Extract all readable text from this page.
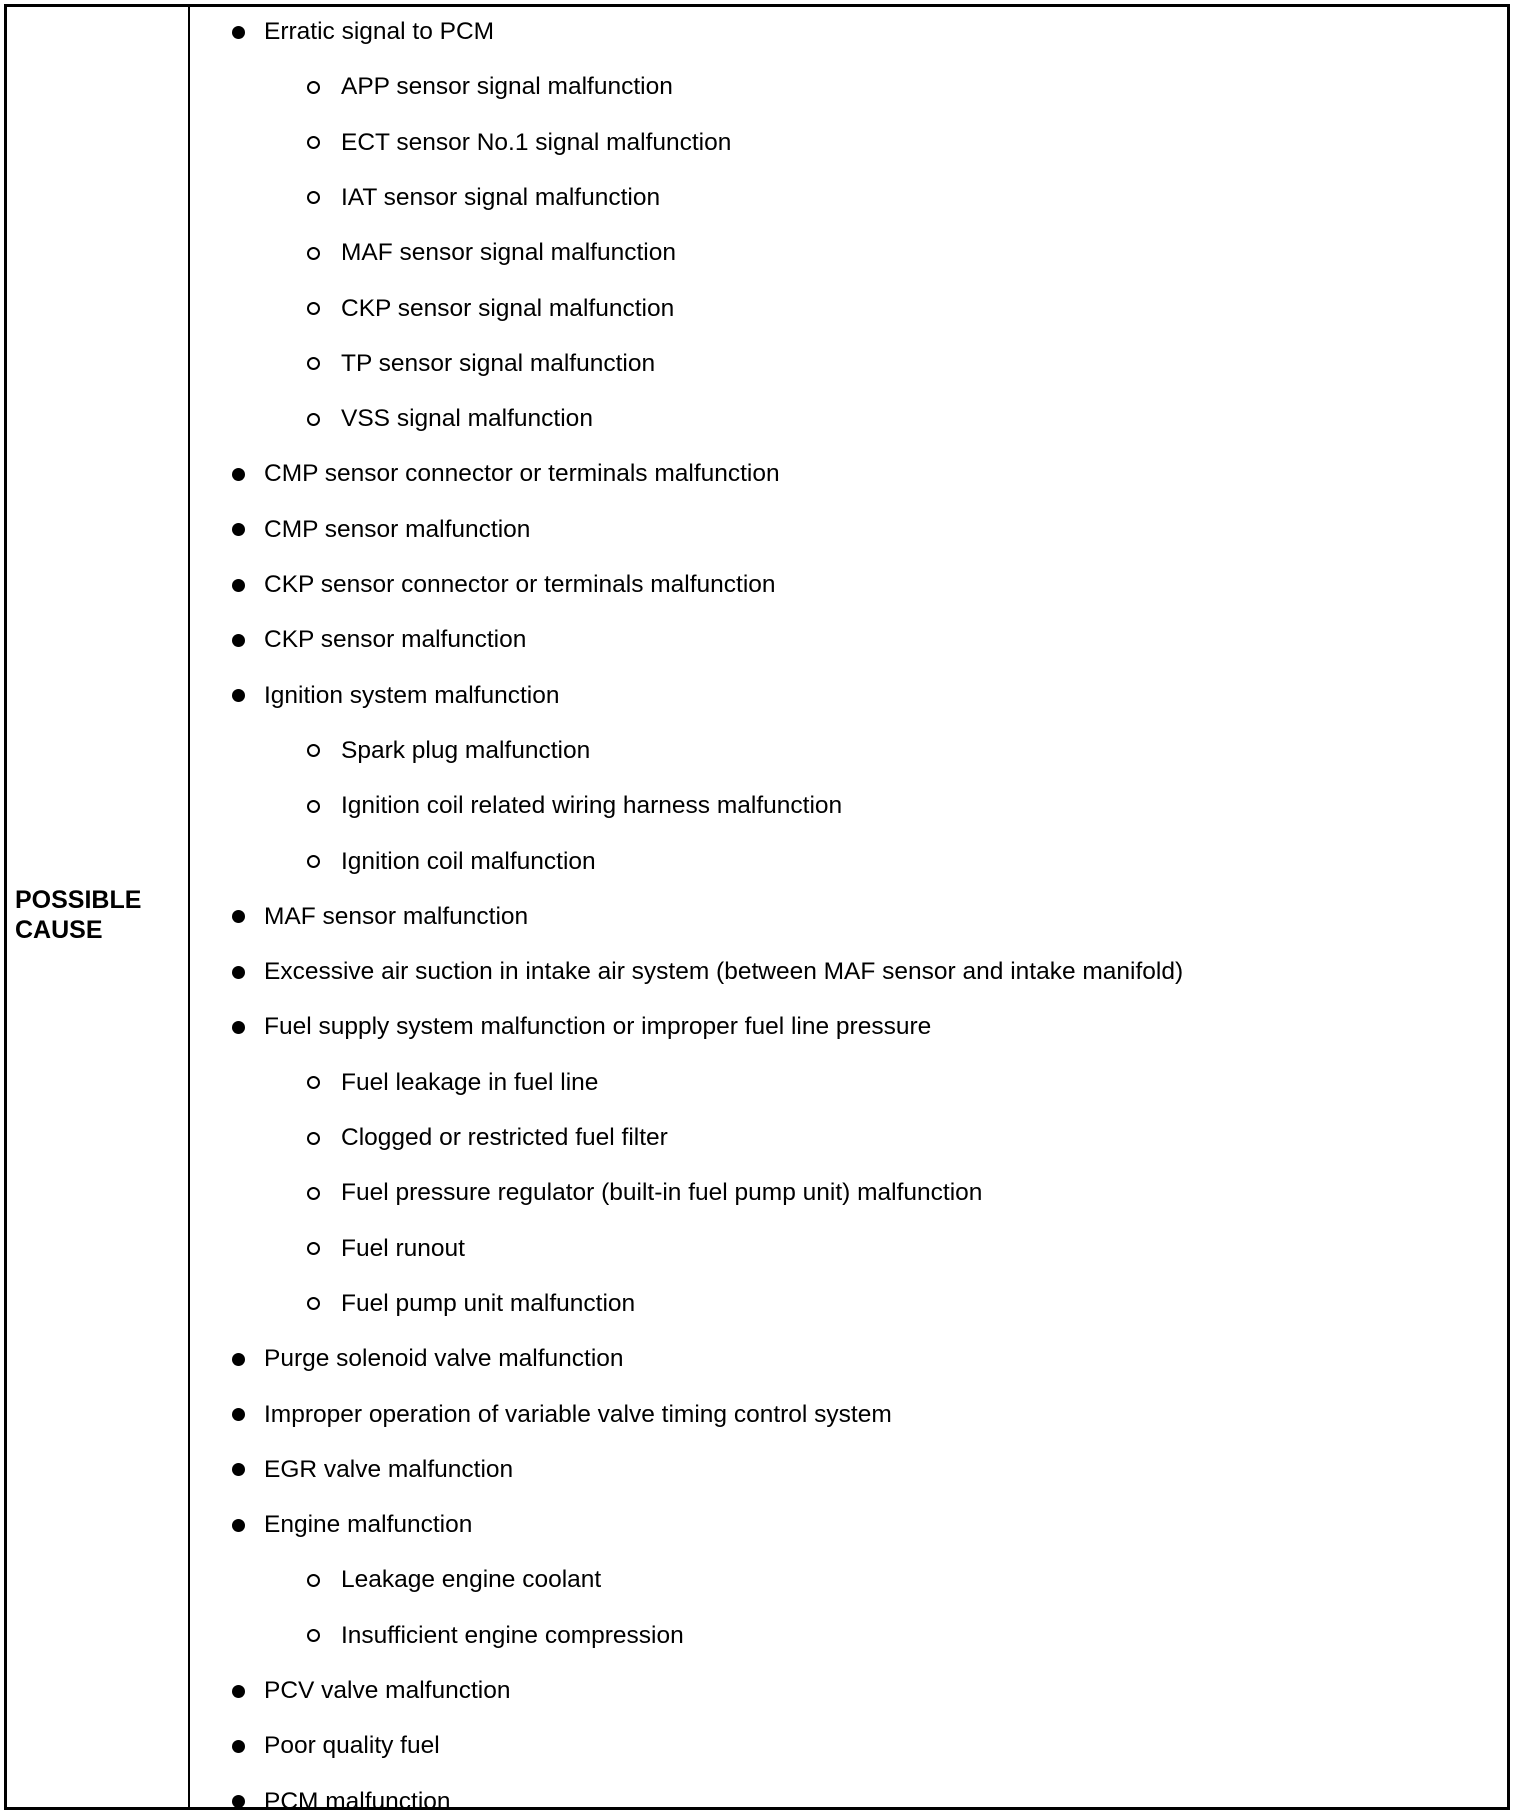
POSSIBLE
CAUSE
Erratic signal to PCM
APP sensor signal malfunction
ECT sensor No.1 signal malfunction
IAT sensor signal malfunction
MAF sensor signal malfunction
CKP sensor signal malfunction
TP sensor signal malfunction
VSS signal malfunction
CMP sensor connector or terminals malfunction
CMP sensor malfunction
CKP sensor connector or terminals malfunction
CKP sensor malfunction
Ignition system malfunction
Spark plug malfunction
Ignition coil related wiring harness malfunction
Ignition coil malfunction
MAF sensor malfunction
Excessive air suction in intake air system (between MAF sensor and intake manifold)
Fuel supply system malfunction or improper fuel line pressure
Fuel leakage in fuel line
Clogged or restricted fuel filter
Fuel pressure regulator (built-in fuel pump unit) malfunction
Fuel runout
Fuel pump unit malfunction
Purge solenoid valve malfunction
Improper operation of variable valve timing control system
EGR valve malfunction
Engine malfunction
Leakage engine coolant
Insufficient engine compression
PCV valve malfunction
Poor quality fuel
PCM malfunction
